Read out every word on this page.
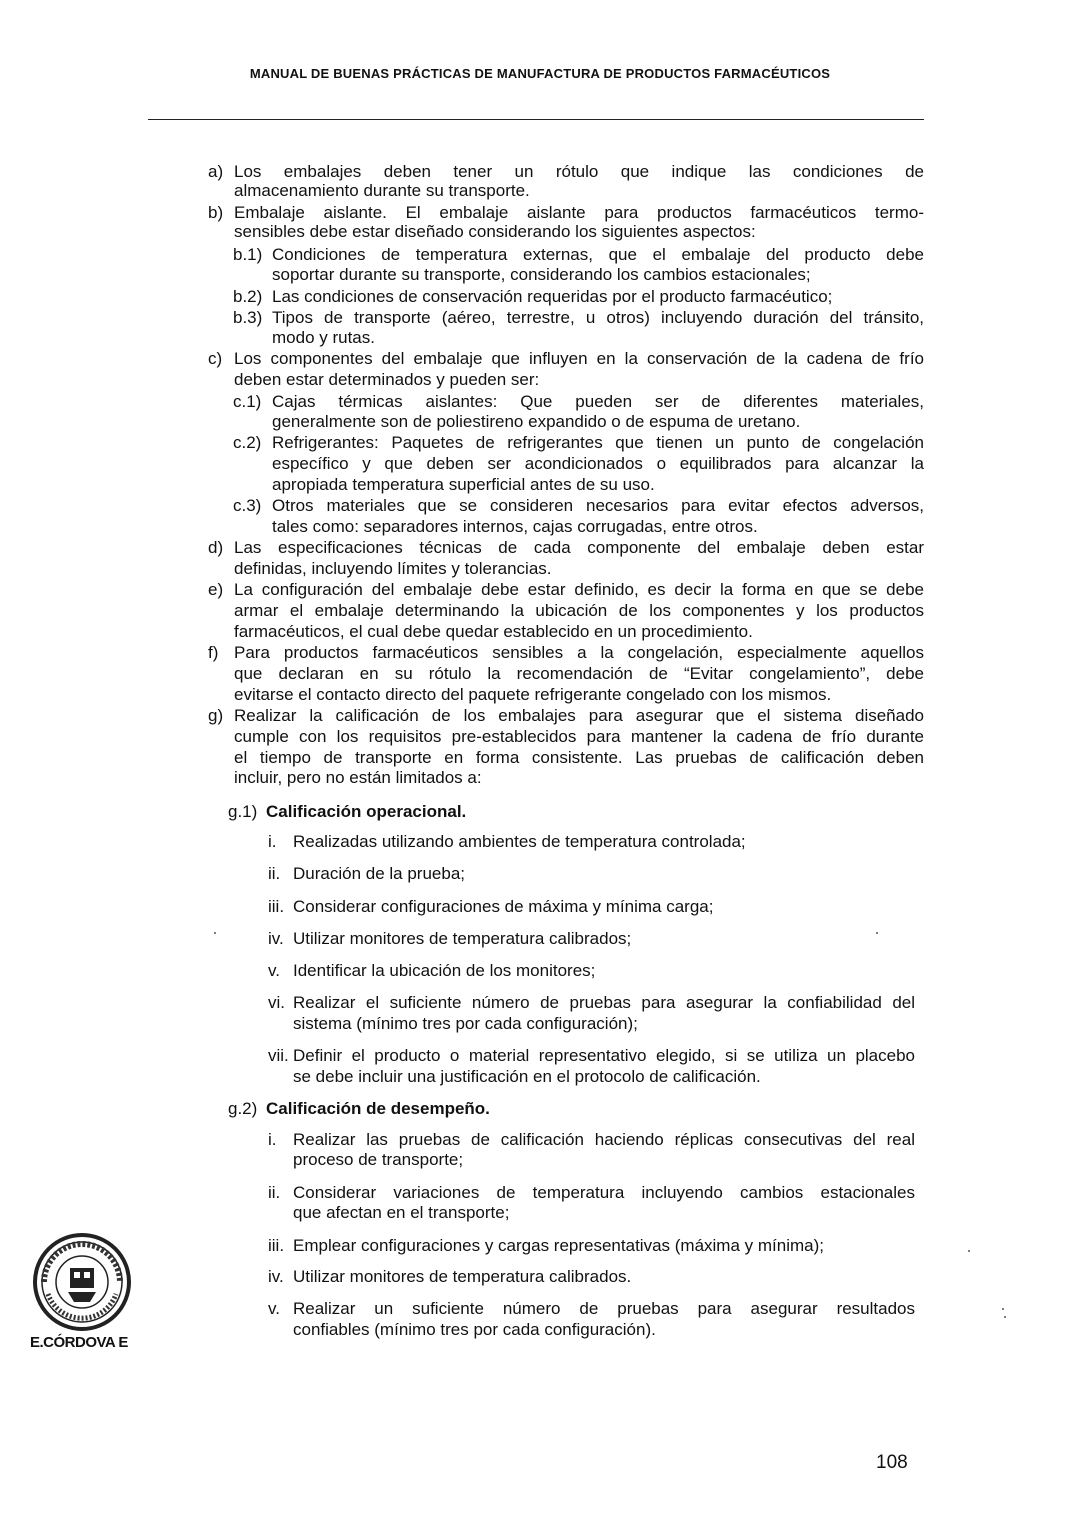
MANUAL DE BUENAS PRÁCTICAS DE MANUFACTURA DE PRODUCTOS FARMACÉUTICOS
a) Los embalajes deben tener un rótulo que indique las condiciones de
almacenamiento durante su transporte.
b) Embalaje aislante. El embalaje aislante para productos farmacéuticos termo-
sensibles debe estar diseñado considerando los siguientes aspectos:
b.1) Condiciones de temperatura externas, que el embalaje del producto debe
soportar durante su transporte, considerando los cambios estacionales;
b.2) Las condiciones de conservación requeridas por el producto farmacéutico;
b.3) Tipos de transporte (aéreo, terrestre, u otros) incluyendo duración del tránsito,
modo y rutas.
c) Los componentes del embalaje que influyen en la conservación de la cadena de frío
deben estar determinados y pueden ser:
c.1) Cajas térmicas aislantes: Que pueden ser de diferentes materiales,
generalmente son de poliestireno expandido o de espuma de uretano.
c.2) Refrigerantes: Paquetes de refrigerantes que tienen un punto de congelación
específico y que deben ser acondicionados o equilibrados para alcanzar la
apropiada temperatura superficial antes de su uso.
c.3) Otros materiales que se consideren necesarios para evitar efectos adversos,
tales como: separadores internos, cajas corrugadas, entre otros.
d) Las especificaciones técnicas de cada componente del embalaje deben estar
definidas, incluyendo límites y tolerancias.
e) La configuración del embalaje debe estar definido, es decir la forma en que se debe
armar el embalaje determinando la ubicación de los componentes y los productos
farmacéuticos, el cual debe quedar establecido en un procedimiento.
f) Para productos farmacéuticos sensibles a la congelación, especialmente aquellos
que declaran en su rótulo la recomendación de “Evitar congelamiento”, debe
evitarse el contacto directo del paquete refrigerante congelado con los mismos.
g) Realizar la calificación de los embalajes para asegurar que el sistema diseñado
cumple con los requisitos pre-establecidos para mantener la cadena de frío durante
el tiempo de transporte en forma consistente. Las pruebas de calificación deben
incluir, pero no están limitados a:
g.1) Calificación operacional.
i. Realizadas utilizando ambientes de temperatura controlada;
ii. Duración de la prueba;
iii. Considerar configuraciones de máxima y mínima carga;
iv. Utilizar monitores de temperatura calibrados;
v. Identificar la ubicación de los monitores;
vi. Realizar el suficiente número de pruebas para asegurar la confiabilidad del
sistema (mínimo tres por cada configuración);
vii. Definir el producto o material representativo elegido, si se utiliza un placebo
se debe incluir una justificación en el protocolo de calificación.
g.2) Calificación de desempeño.
i. Realizar las pruebas de calificación haciendo réplicas consecutivas del real
proceso de transporte;
ii. Considerar variaciones de temperatura incluyendo cambios estacionales
que afectan en el transporte;
iii. Emplear configuraciones y cargas representativas (máxima y mínima);
iv. Utilizar monitores de temperatura calibrados.
v. Realizar un suficiente número de pruebas para asegurar resultados
confiables (mínimo tres por cada configuración).
E.CÓRDOVA E
108
